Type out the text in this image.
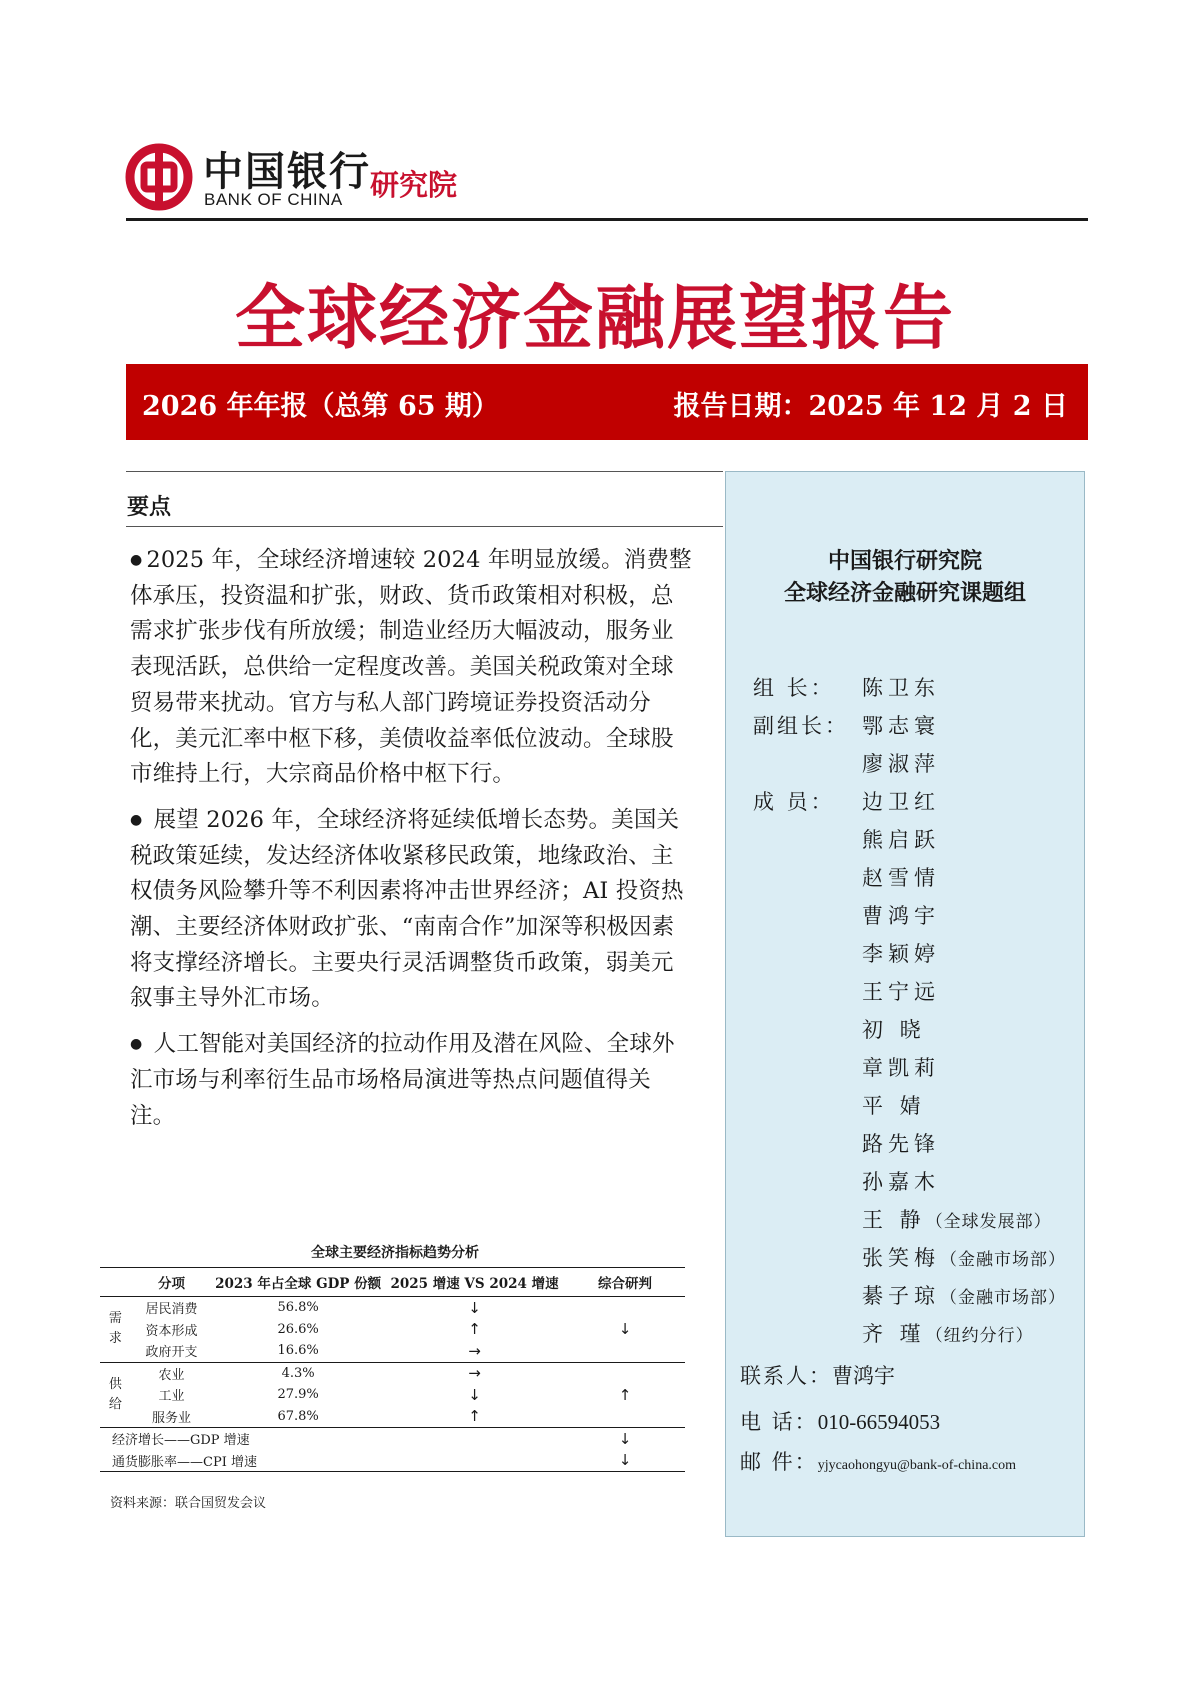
中国银行
BANK OF CHINA 研究院
全球经济金融展望报告
2026 年年报（总第 65 期）	报告日期：2025 年 12 月 2 日
要点

● 2025 年，全球经济增速较 2024 年明显放缓。消费整体承压，投资温和扩张，财政、货币政策相对积极，总需求扩张步伐有所放缓；制造业经历大幅波动，服务业表现活跃，总供给一定程度改善。美国关税政策对全球贸易带来扰动。官方与私人部门跨境证券投资活动分化，美元汇率中枢下移，美债收益率低位波动。全球股市维持上行，大宗商品价格中枢下行。

● 展望 2026 年，全球经济将延续低增长态势。美国关税政策延续，发达经济体收紧移民政策，地缘政治、主权债务风险攀升等不利因素将冲击世界经济；AI 投资热潮、主要经济体财政扩张、“南南合作”加深等积极因素将支撑经济增长。主要央行灵活调整货币政策，弱美元叙事主导外汇市场。

● 人工智能对美国经济的拉动作用及潜在风险、全球外汇市场与利率衍生品市场格局演进等热点问题值得关注。

中国银行研究院
全球经济金融研究课题组
组 长： 陈卫东
副组长： 鄂志寰
廖淑萍
成 员： 边卫红
熊启跃
赵雪情
曹鸿宇
李颖婷
王宁远
初 晓
章凯莉
平 婧
路先锋
孙嘉木
王 静（全球发展部）
张笑梅（金融市场部）
綦子琼（金融市场部）
齐 瑾（纽约分行）
联系人：曹鸿宇
电 话：010-66594053
邮 件：yjycaohongyu@bank-of-china.com
全球主要经济指标趋势分析
	分项	2023 年占全球 GDP 份额	2025 增速 VS 2024 增速	综合研判
需求	居民消费	56.8%	↓	
	资本形成	26.6%	↑	↓
	政府开支	16.6%	→	
供给	农业	4.3%	→	
	工业	27.9%	↓	↑
	服务业	67.8%	↑	
经济增长——GDP 增速				↓
通货膨胀率——CPI 增速				↓
资料来源：联合国贸发会议
